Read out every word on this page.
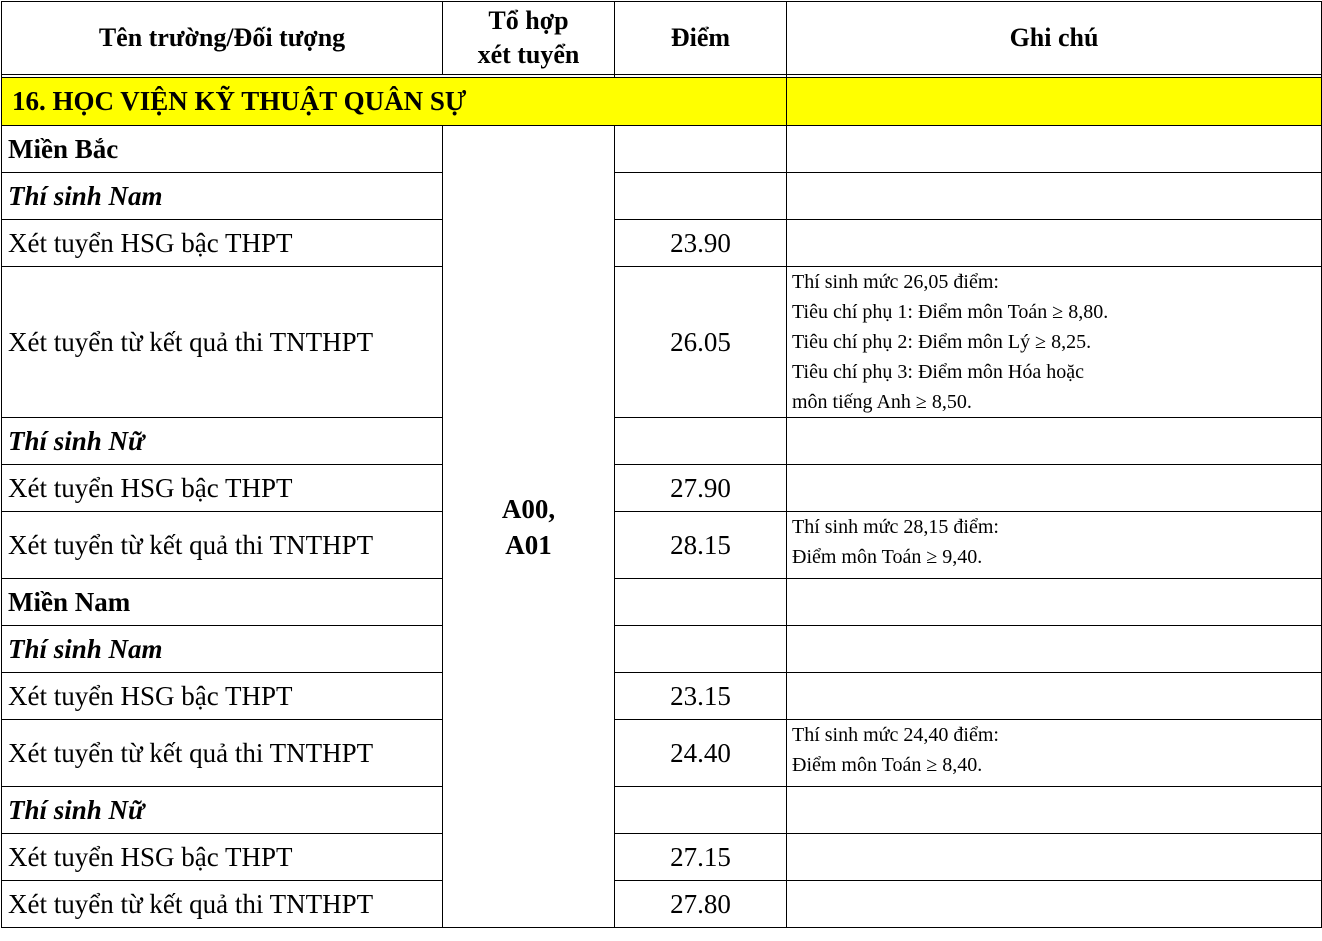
Tên trường/Đối tượng	Tổ hợp
xét tuyển	Điểm	Ghi chú

16. HỌC VIỆN KỸ THUẬT QUÂN SỰ			
Miền Bắc	A00,
A01		

Thí sinh Nam			
Xét tuyển HSG bậc THPT		23.90	
Xét tuyển từ kết quả thi TNTHPT		26.05	Thí sinh mức 26,05 điểm:
Tiêu chí phụ 1: Điểm môn Toán ≥ 8,80.
Tiêu chí phụ 2: Điểm môn Lý ≥ 8,25.
Tiêu chí phụ 3: Điểm môn Hóa hoặc
môn tiếng Anh ≥ 8,50.

Thí sinh Nữ			
Xét tuyển HSG bậc THPT		27.90	
Xét tuyển từ kết quả thi TNTHPT		28.15	Thí sinh mức 28,15 điểm:
Điểm môn Toán ≥ 9,40.

Miền Nam			
Thí sinh Nam			
Xét tuyển HSG bậc THPT		23.15	
Xét tuyển từ kết quả thi TNTHPT		24.40	Thí sinh mức 24,40 điểm:
Điểm môn Toán ≥ 8,40.

Thí sinh Nữ			
Xét tuyển HSG bậc THPT		27.15	
Xét tuyển từ kết quả thi TNTHPT		27.80	
